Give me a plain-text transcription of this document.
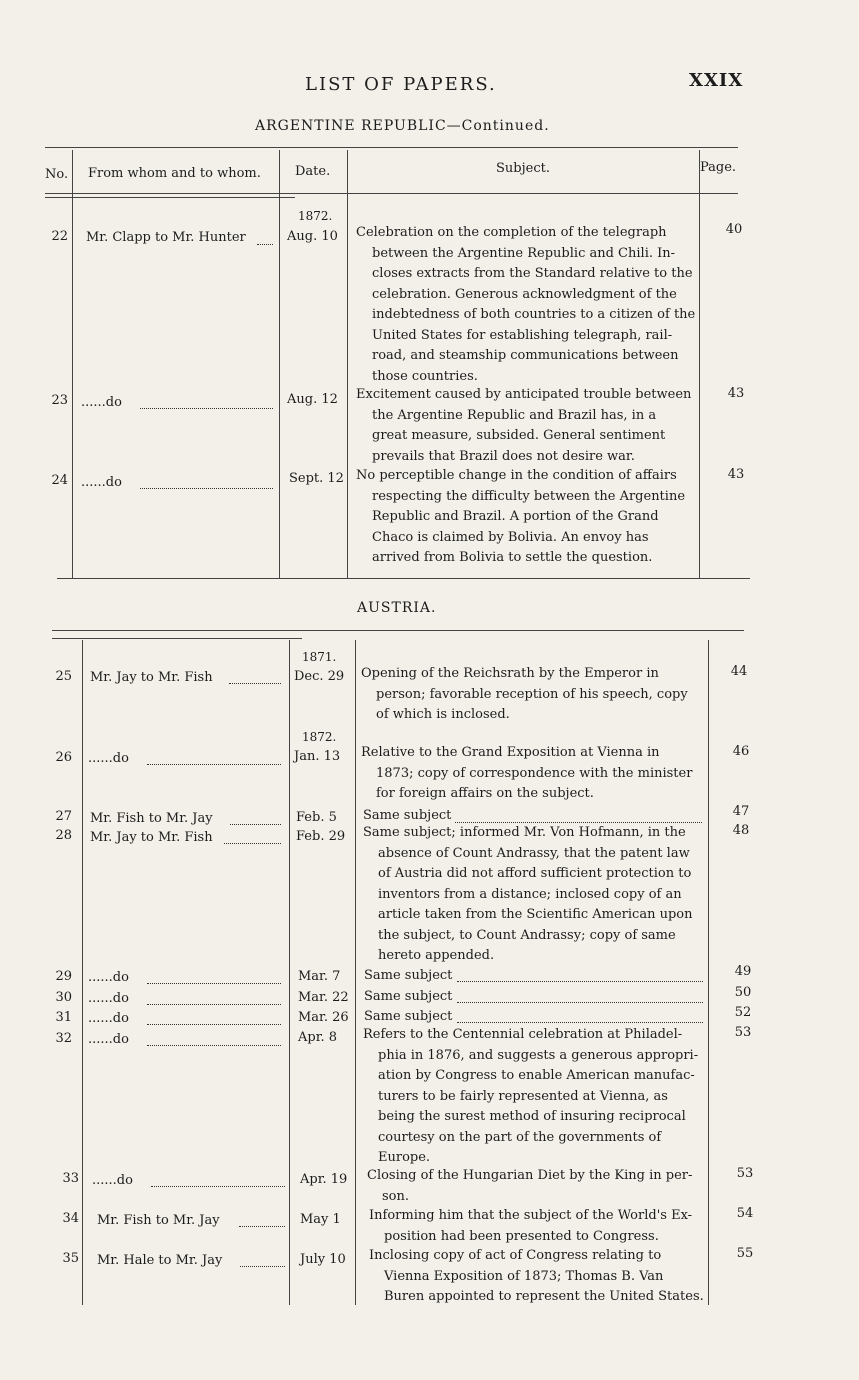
LIST OF PAPERS.	XXIX
ARGENTINE REPUBLIC—Continued.
No. From whom and to whom.	Date.	Subject.	Page.
22 Mr. Clapp to Mr. Hunter
1872.
Aug. 10	40
Celebration on the completion of the telegraph
between the Argentine Republic and Chili. In-
closes extracts from the Standard relative to the
celebration. Generous acknowledgment of the
indebtedness of both countries to a citizen of the
United States for establishing telegraph, rail-
road, and steamship communications between
those countries.
23 ......do	Aug. 12	43
Excitement caused by anticipated trouble between
the Argentine Republic and Brazil has, in a
great measure, subsided. General sentiment
prevails that Brazil does not desire war.
24 ......do	Sept. 12	43
No perceptible change in the condition of affairs
respecting the difficulty between the Argentine
Republic and Brazil. A portion of the Grand
Chaco is claimed by Bolivia. An envoy has
arrived from Bolivia to settle the question.
AUSTRIA.
25 Mr. Jay to Mr. Fish
1871.
Dec. 29	44
Opening of the Reichsrath by the Emperor in
person; favorable reception of his speech, copy
of which is inclosed.
26 ......do
1872.
Jan. 13	46
Relative to the Grand Exposition at Vienna in
1873; copy of correspondence with the minister
for foreign affairs on the subject.
27 Mr. Fish to Mr. Jay	Feb. 5	47
Same subject
28 Mr. Jay to Mr. Fish	Feb. 29	48
Same subject; informed Mr. Von Hofmann, in the
absence of Count Andrassy, that the patent law
of Austria did not afford sufficient protection to
inventors from a distance; inclosed copy of an
article taken from the Scientific American upon
the subject, to Count Andrassy; copy of same
hereto appended.
29 ......do	Mar. 7	49
Same subject
30 ......do	Mar. 22	50
Same subject
31 ......do	Mar. 26	52
Same subject
32 ......do	Apr. 8	53
Refers to the Centennial celebration at Philadel-
phia in 1876, and suggests a generous appropri-
ation by Congress to enable American manufac-
turers to be fairly represented at Vienna, as
being the surest method of insuring reciprocal
courtesy on the part of the governments of
Europe.
33 ......do	Apr. 19	53
Closing of the Hungarian Diet by the King in per-
son.
34 Mr. Fish to Mr. Jay	May 1	54
Informing him that the subject of the World's Ex-
position had been presented to Congress.
35 Mr. Hale to Mr. Jay	July 10	55
Inclosing copy of act of Congress relating to
Vienna Exposition of 1873; Thomas B. Van
Buren appointed to represent the United States.
